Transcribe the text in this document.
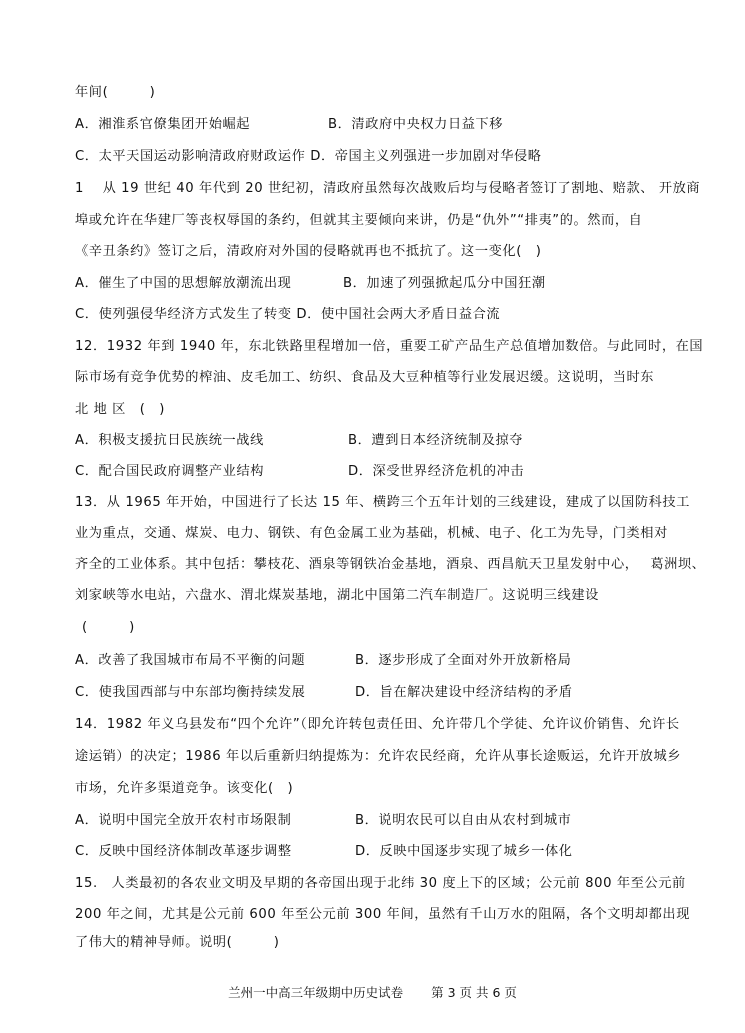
年间(　　　)
A．湘淮系官僚集团开始崛起	B．清政府中央权力日益下移
C．太平天国运动影响清政府财政运作 D．帝国主义列强进一步加剧对华侵略
1　 从 19 世纪 40 年代到 20 世纪初，清政府虽然每次战败后均与侵略者签订了割地、赔款、 开放商
埠或允许在华建厂等丧权辱国的条约，但就其主要倾向来讲，仍是“仇外”“排夷”的。然而，自
《辛丑条约》签订之后，清政府对外国的侵略就再也不抵抗了。这一变化(　)
A．催生了中国的思想解放潮流出现	B．加速了列强掀起瓜分中国狂潮
C．使列强侵华经济方式发生了转变 D．使中国社会两大矛盾日益合流
12．1932 年到 1940 年，东北铁路里程增加一倍，重要工矿产品生产总值增加数倍。与此同时，在国
际市场有竞争优势的榨油、皮毛加工、纺织、食品及大豆种植等行业发展迟缓。这说明，当时东
北 地 区　(　)
A．积极支援抗日民族统一战线	B．遭到日本经济统制及掠夺
C．配合国民政府调整产业结构	D．深受世界经济危机的冲击
13．从 1965 年开始，中国进行了长达 15 年、横跨三个五年计划的三线建设，建成了以国防科技工
业为重点，交通、煤炭、电力、钢铁、有色金属工业为基础，机械、电子、化工为先导，门类相对
齐全的工业体系。其中包括：攀枝花、酒泉等钢铁冶金基地，酒泉、西昌航天卫星发射中心，　 葛洲坝、
刘家峡等水电站，六盘水、渭北煤炭基地，湖北中国第二汽车制造厂。这说明三线建设
(　　　)
A．改善了我国城市布局不平衡的问题	B．逐步形成了全面对外开放新格局
C．使我国西部与中东部均衡持续发展	D．旨在解决建设中经济结构的矛盾
14．1982 年义乌县发布“四个允许”（即允许转包责任田、允许带几个学徒、允许议价销售、允许长
途运销）的决定；1986 年以后重新归纳提炼为：允许农民经商，允许从事长途贩运，允许开放城乡
市场，允许多渠道竞争。该变化(　)
A．说明中国完全放开农村市场限制	B．说明农民可以自由从农村到城市
C．反映中国经济体制改革逐步调整	D．反映中国逐步实现了城乡一体化
15.　人类最初的各农业文明及早期的各帝国出现于北纬 30 度上下的区域；公元前 800 年至公元前
200 年之间，尤其是公元前 600 年至公元前 300 年间，虽然有千山万水的阻隔，各个文明却都出现
了伟大的精神导师。说明(　　　)
兰州一中高三年级期中历史试卷 第 3 页 共 6 页
